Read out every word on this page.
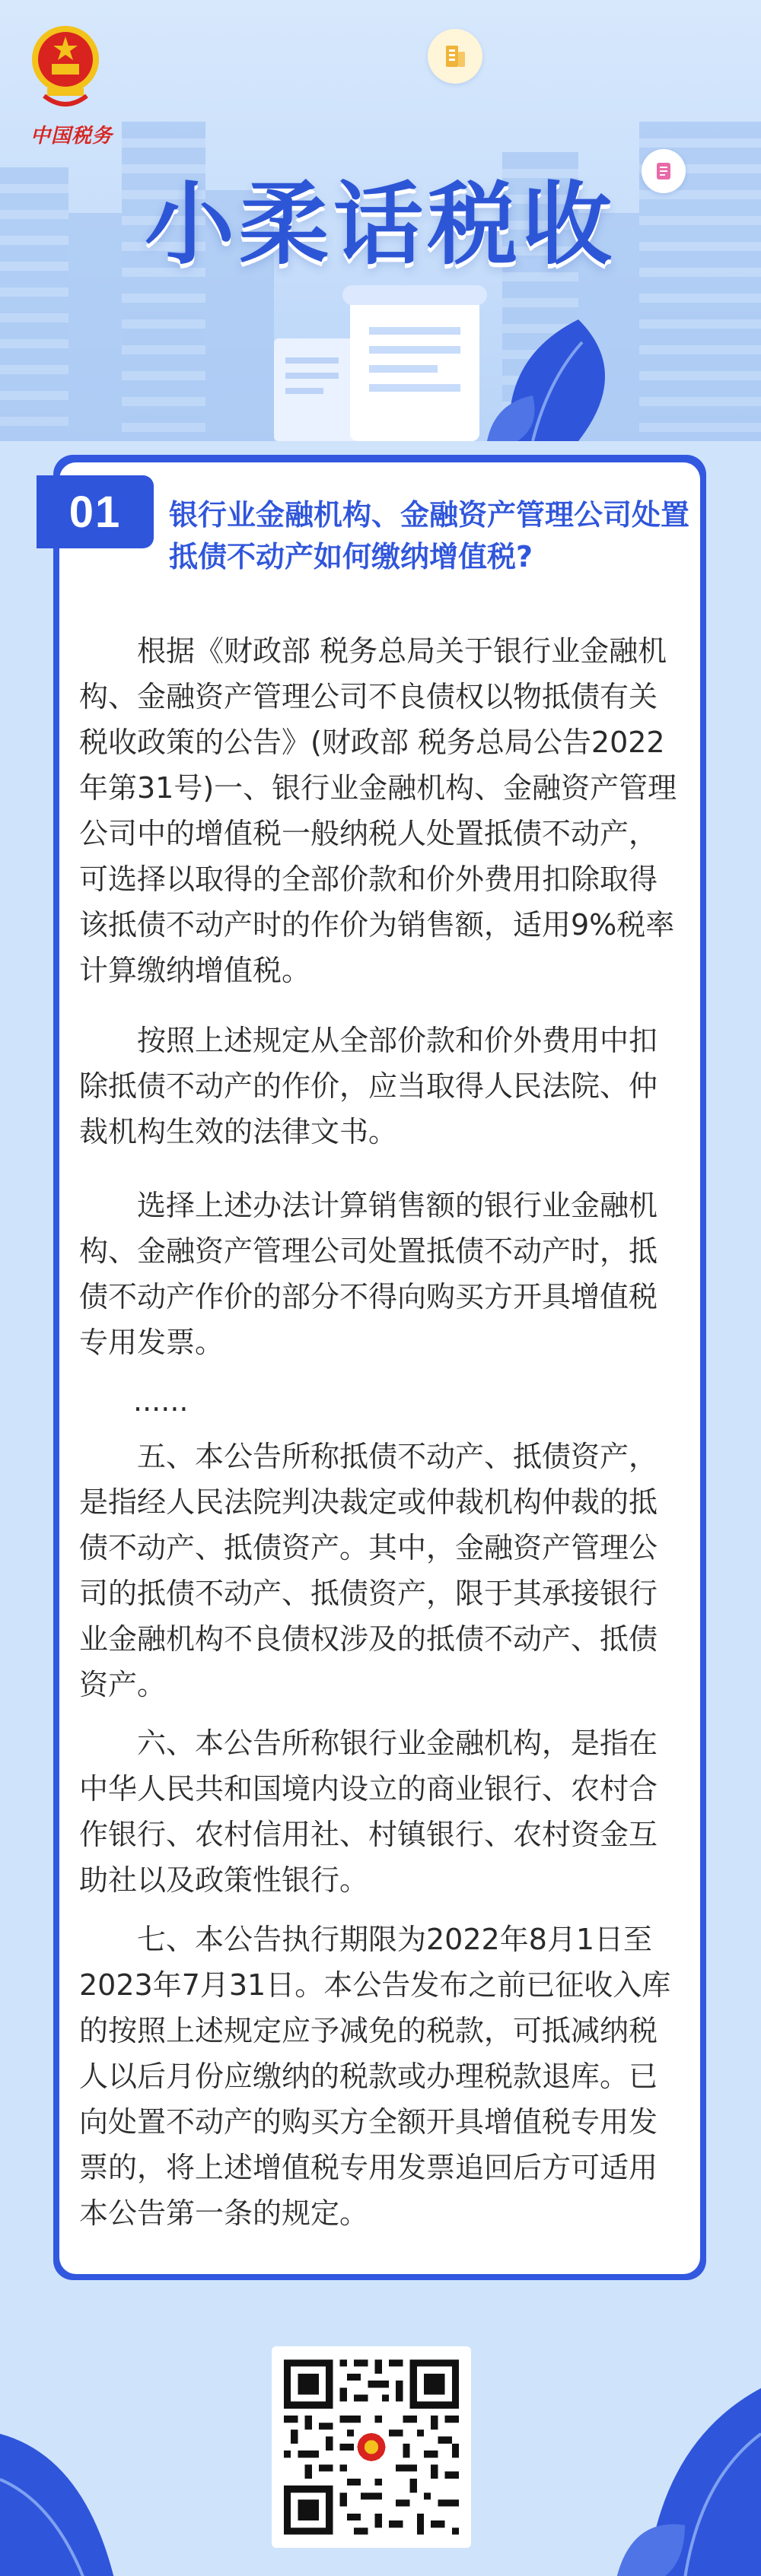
中国税务
小柔话税收
01	银行业金融机构、金融资产管理公司处置抵债不动产如何缴纳增值税?
根据《财政部 税务总局关于银行业金融机构、金融资产管理公司不良债权以物抵债有关税收政策的公告》(财政部 税务总局公告2022年第31号)一、银行业金融机构、金融资产管理公司中的增值税一般纳税人处置抵债不动产，可选择以取得的全部价款和价外费用扣除取得该抵债不动产时的作价为销售额，适用9%税率计算缴纳增值税。
按照上述规定从全部价款和价外费用中扣除抵债不动产的作价，应当取得人民法院、仲裁机构生效的法律文书。
选择上述办法计算销售额的银行业金融机构、金融资产管理公司处置抵债不动产时，抵债不动产作价的部分不得向购买方开具增值税专用发票。
......
五、本公告所称抵债不动产、抵债资产，是指经人民法院判决裁定或仲裁机构仲裁的抵债不动产、抵债资产。其中，金融资产管理公司的抵债不动产、抵债资产，限于其承接银行业金融机构不良债权涉及的抵债不动产、抵债资产。
六、本公告所称银行业金融机构，是指在中华人民共和国境内设立的商业银行、农村合作银行、农村信用社、村镇银行、农村资金互助社以及政策性银行。
七、本公告执行期限为2022年8月1日至2023年7月31日。本公告发布之前已征收入库的按照上述规定应予减免的税款，可抵减纳税人以后月份应缴纳的税款或办理税款退库。已向处置不动产的购买方全额开具增值税专用发票的，将上述增值税专用发票追回后方可适用本公告第一条的规定。
